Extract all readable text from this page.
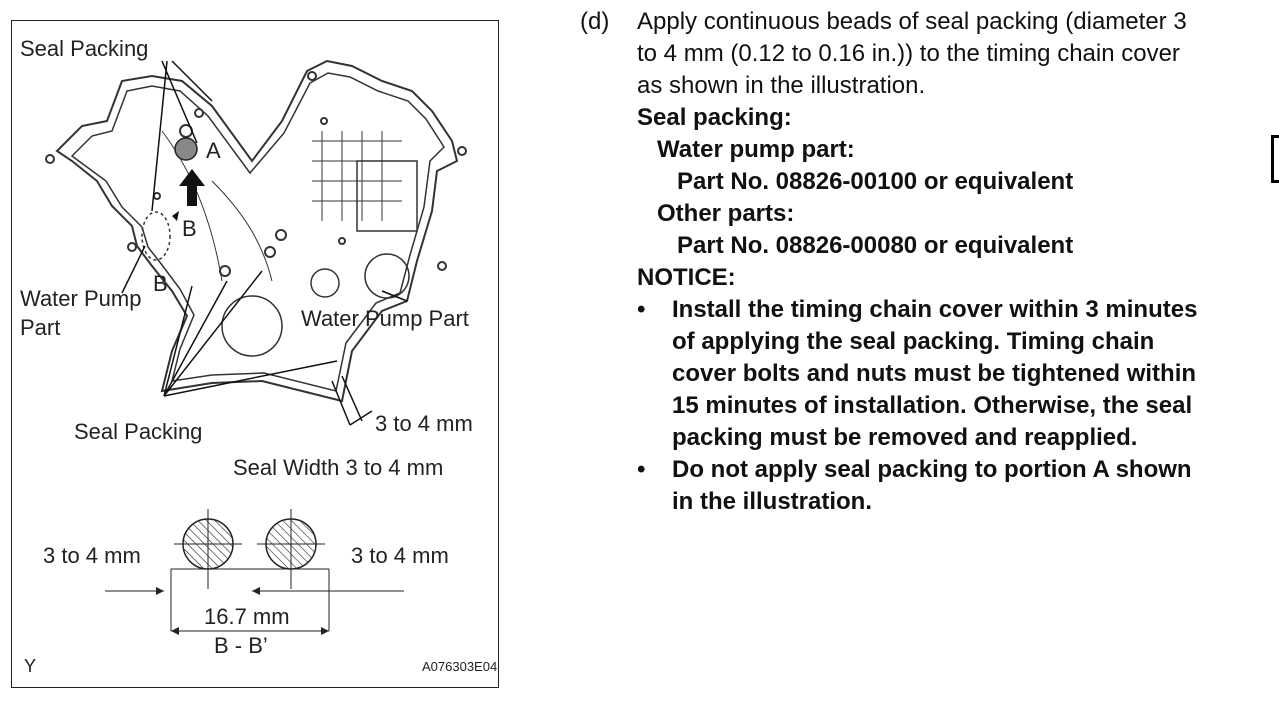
Seal Packing
A
B
B
Water Pump
Part	Water Pump Part
Seal Packing	3 to 4 mm
Seal Width 3 to 4 mm
3 to 4 mm	3 to 4 mm
16.7 mm
B - B’
Y	A076303E04
(d) Apply continuous beads of seal packing (diameter 3
to 4 mm (0.12 to 0.16 in.)) to the timing chain cover
as shown in the illustration.
Seal packing:
Water pump part:
Part No. 08826-00100 or equivalent
Other parts:
Part No. 08826-00080 or equivalent
NOTICE:
• Install the timing chain cover within 3 minutes
of applying the seal packing. Timing chain
cover bolts and nuts must be tightened within
15 minutes of installation. Otherwise, the seal
packing must be removed and reapplied.
• Do not apply seal packing to portion A shown
in the illustration.
